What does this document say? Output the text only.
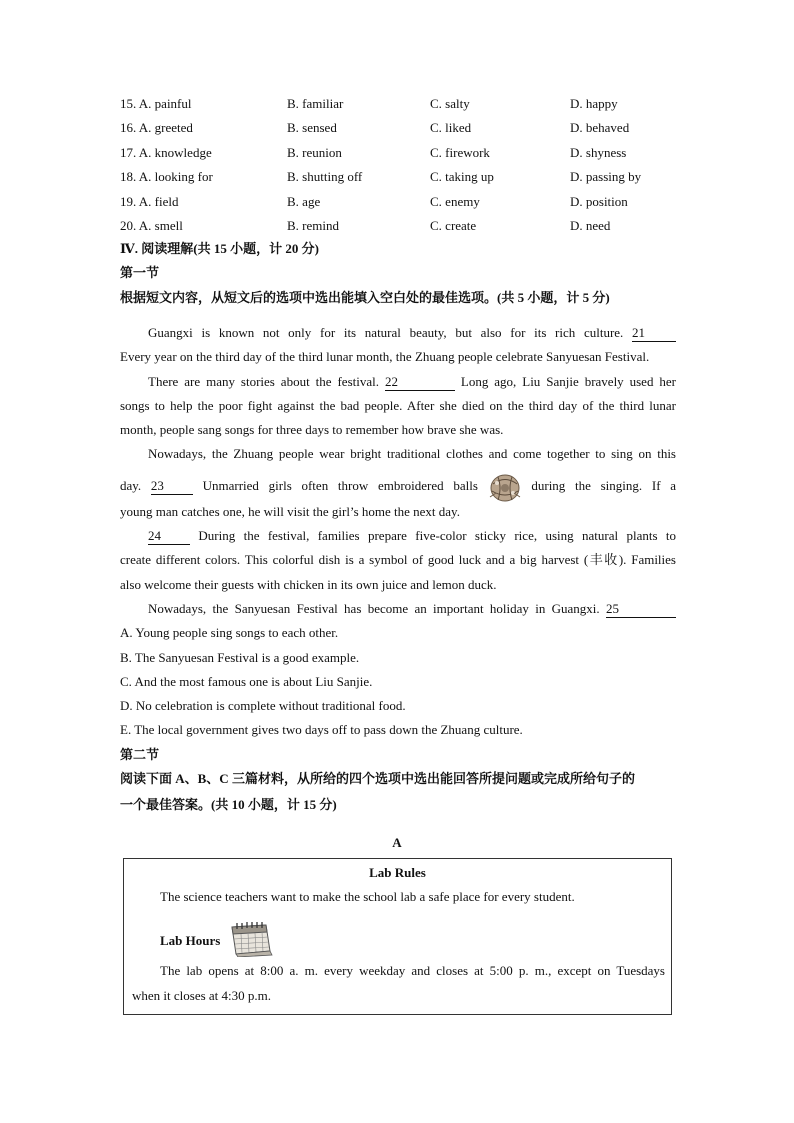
15. A. painful	B. familiar	C. salty	D. happy
16. A. greeted	B. sensed	C. liked	D. behaved
17. A. knowledge	B. reunion	C. firework	D. shyness
18. A. looking for	B. shutting off	C. taking up	D. passing by
19. A. field	B. age	C. enemy	D. position
20. A. smell	B. remind	C. create	D. need
Ⅳ. 阅读理解(共 15 小题，计 20 分)
第一节
根据短文内容，从短文后的选项中选出能填入空白处的最佳选项。(共 5 小题，计 5 分)
Guangxi is known not only for its natural beauty, but also for its rich culture. 21
Every year on the third day of the third lunar month, the Zhuang people celebrate Sanyuesan Festival.
There are many stories about the festival. 22	Long ago, Liu Sanjie bravely used her
songs to help the poor fight against the bad people. After she died on the third day of the third lunar
month, people sang songs for three days to remember how brave she was.
Nowadays, the Zhuang people wear bright traditional clothes and come together to sing on this
day. 23	Unmarried girls often throw embroidered balls	during the singing. If a
young man catches one, he will visit the girl’s home the next day.
24	During the festival, families prepare five-color sticky rice, using natural plants to
create different colors. This colorful dish is a symbol of good luck and a big harvest (丰收). Families
also welcome their guests with chicken in its own juice and lemon duck.
Nowadays, the Sanyuesan Festival has become an important holiday in Guangxi. 25
A. Young people sing songs to each other.
B. The Sanyuesan Festival is a good example.
C. And the most famous one is about Liu Sanjie.
D. No celebration is complete without traditional food.
E. The local government gives two days off to pass down the Zhuang culture.
第二节
阅读下面 A、B、C 三篇材料，从所给的四个选项中选出能回答所提问题或完成所给句子的
一个最佳答案。(共 10 小题，计 15 分)
A
Lab Rules
The science teachers want to make the school lab a safe place for every student.
Lab Hours
The lab opens at 8:00 a. m. every weekday and closes at 5:00 p. m., except on Tuesdays
when it closes at 4:30 p.m.
